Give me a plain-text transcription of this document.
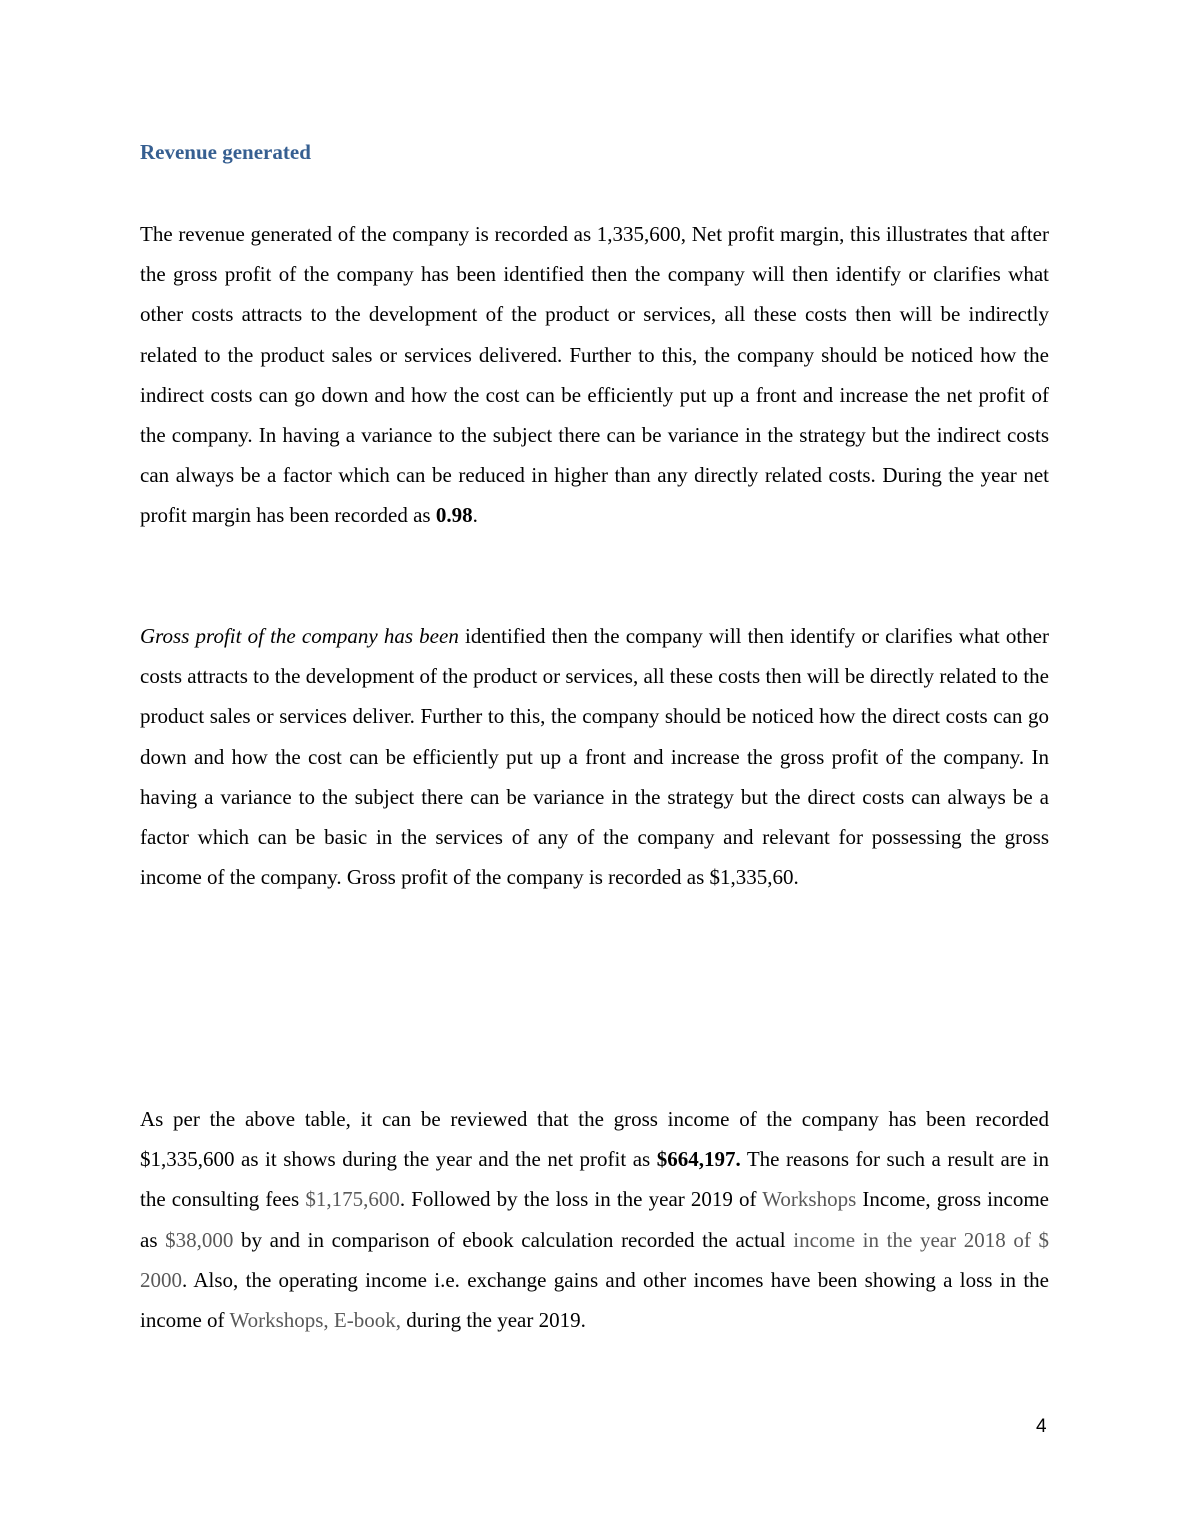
Revenue generated

The revenue generated of the company is recorded as 1,335,600, Net profit margin, this illustrates that after the gross profit of the company has been identified then the company will then identify or clarifies what other costs attracts to the development of the product or services, all these costs then will be indirectly related to the product sales or services delivered. Further to this, the company should be noticed how the indirect costs can go down and how the cost can be efficiently put up a front and increase the net profit of the company. In having a variance to the subject there can be variance in the strategy but the indirect costs can always be a factor which can be reduced in higher than any directly related costs. During the year net profit margin has been recorded as 0.98.

Gross profit of the company has been identified then the company will then identify or clarifies what other costs attracts to the development of the product or services, all these costs then will be directly related to the product sales or services deliver. Further to this, the company should be noticed how the direct costs can go down and how the cost can be efficiently put up a front and increase the gross profit of the company. In having a variance to the subject there can be variance in the strategy but the direct costs can always be a factor which can be basic in the services of any of the company and relevant for possessing the gross income of the company. Gross profit of the company is recorded as $1,335,60.

As per the above table, it can be reviewed that the gross income of the company has been recorded $1,335,600 as it shows during the year and the net profit as $664,197. The reasons for such a result are in the consulting fees $1,175,600. Followed by the loss in the year 2019 of Workshops Income, gross income as $38,000 by and in comparison of ebook calculation recorded the actual income in the year 2018 of $ 2000. Also, the operating income i.e. exchange gains and other incomes have been showing a loss in the income of Workshops, E-book, during the year 2019.

4
